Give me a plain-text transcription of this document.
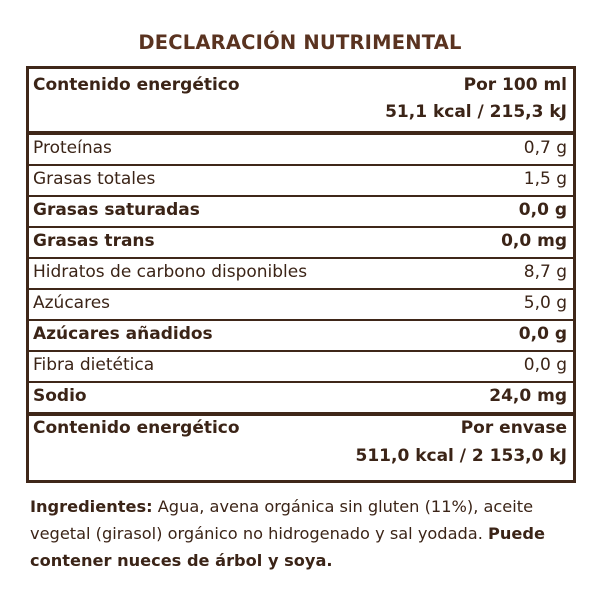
DECLARACIÓN NUTRIMENTAL
Contenido energético	Por 100 ml
51,1 kcal / 215,3 kJ
Proteínas	0,7 g
Grasas totales	1,5 g
Grasas saturadas	0,0 g
Grasas trans	0,0 mg
Hidratos de carbono disponibles	8,7 g
Azúcares	5,0 g
Azúcares añadidos	0,0 g
Fibra dietética	0,0 g
Sodio	24,0 mg
Contenido energético	Por envase
511,0 kcal / 2 153,0 kJ
Ingredientes: Agua, avena orgánica sin gluten (11%), aceite vegetal (girasol) orgánico no hidrogenado y sal yodada. Puede contener nueces de árbol y soya.
